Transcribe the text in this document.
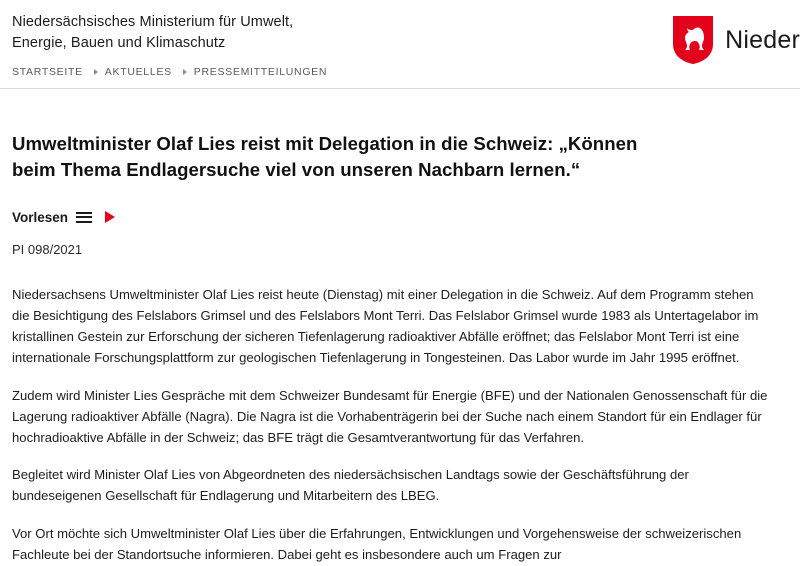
Niedersächsisches Ministerium für Umwelt,
Energie, Bauen und Klimaschutz	Nieder
STARTSEITE AKTUELLES PRESSEMITTEILUNGEN
Umweltminister Olaf Lies reist mit Delegation in die Schweiz: „Können beim Thema Endlagersuche viel von unseren Nachbarn lernen.“
Vorlesen
PI 098/2021

Niedersachsens Umweltminister Olaf Lies reist heute (Dienstag) mit einer Delegation in die Schweiz. Auf dem Programm stehen die Besichtigung des Felslabors Grimsel und des Felslabors Mont Terri. Das Felslabor Grimsel wurde 1983 als Untertagelabor im kristallinen Gestein zur Erforschung der sicheren Tiefenlagerung radioaktiver Abfälle eröffnet; das Felslabor Mont Terri ist eine internationale Forschungsplattform zur geologischen Tiefenlagerung in Tongesteinen. Das Labor wurde im Jahr 1995 eröffnet.

Zudem wird Minister Lies Gespräche mit dem Schweizer Bundesamt für Energie (BFE) und der Nationalen Genossenschaft für die Lagerung radioaktiver Abfälle (Nagra). Die Nagra ist die Vorhabenträgerin bei der Suche nach einem Standort für ein Endlager für hochradioaktive Abfälle in der Schweiz; das BFE trägt die Gesamtverantwortung für das Verfahren.

Begleitet wird Minister Olaf Lies von Abgeordneten des niedersächsischen Landtags sowie der Geschäftsführung der bundeseigenen Gesellschaft für Endlagerung und Mitarbeitern des LBEG.

Vor Ort möchte sich Umweltminister Olaf Lies über die Erfahrungen, Entwicklungen und Vorgehensweise der schweizerischen Fachleute bei der Standortsuche informieren. Dabei geht es insbesondere auch um Fragen zur
